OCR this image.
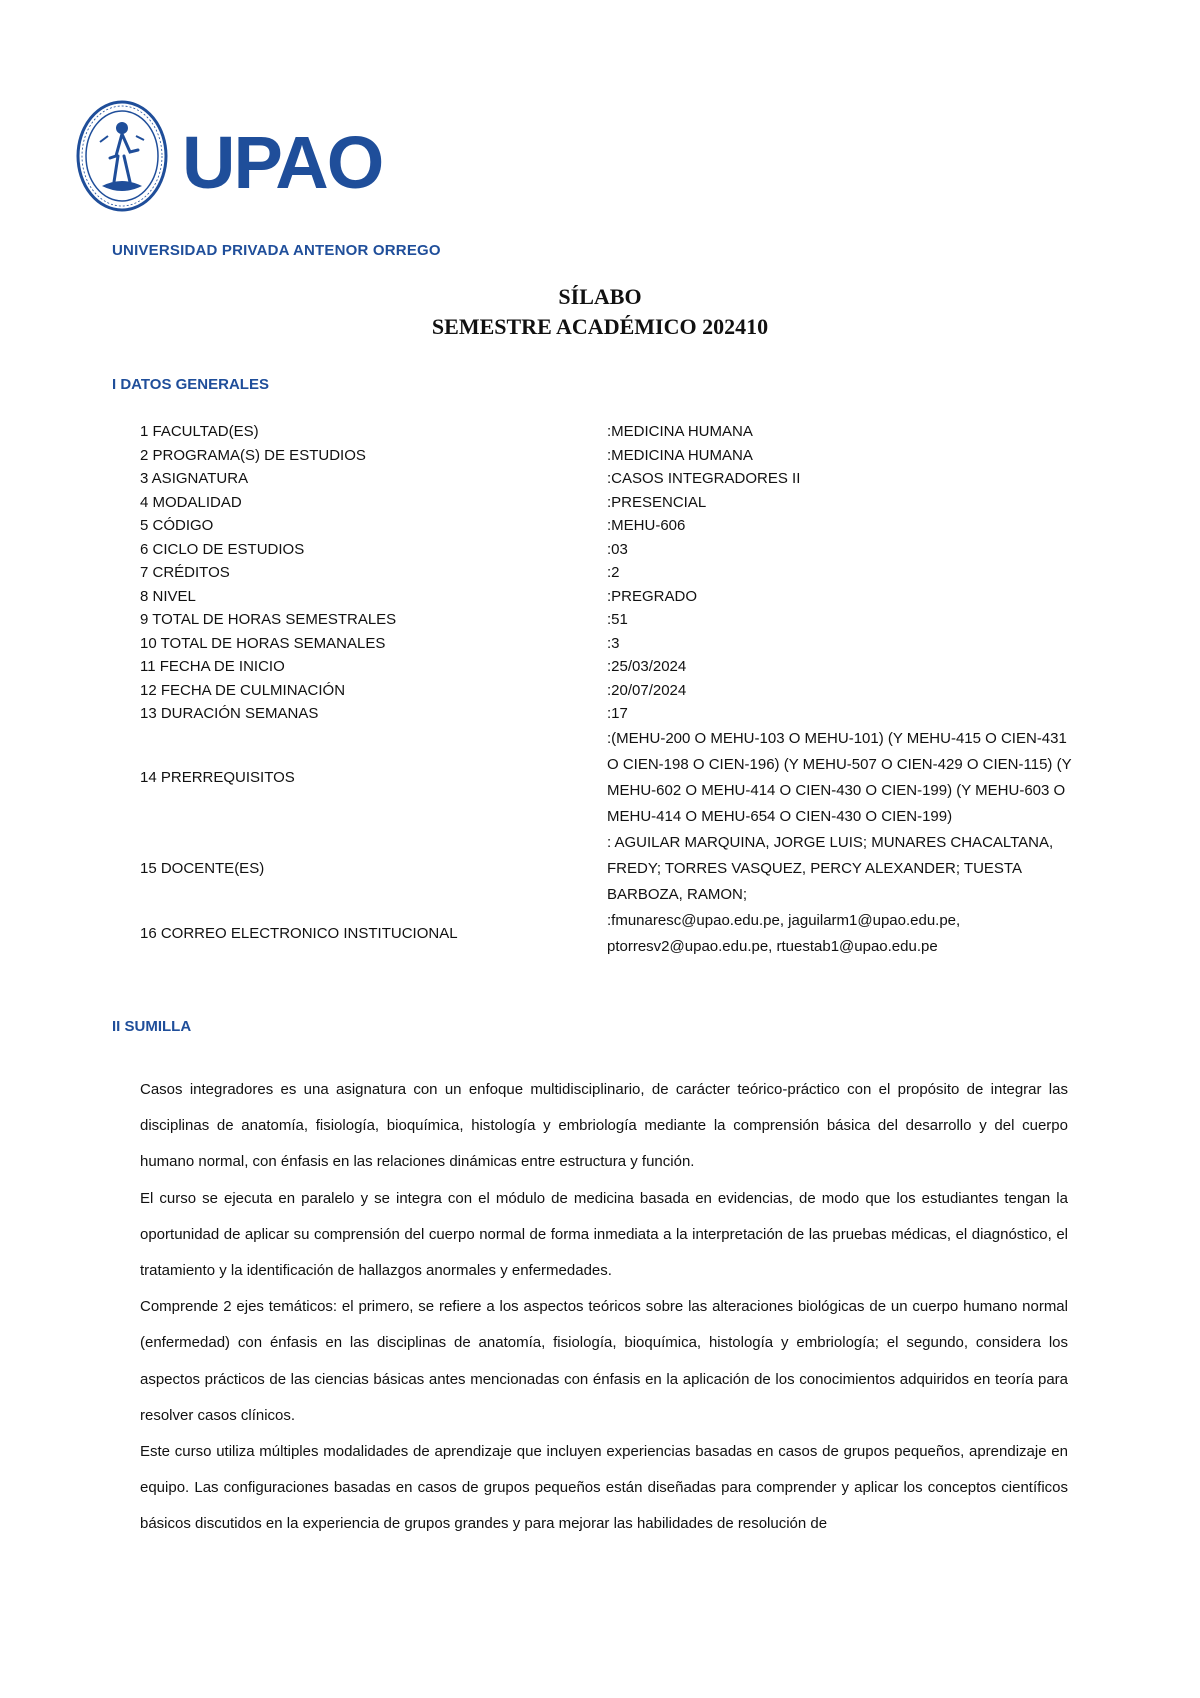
UPAO
UNIVERSIDAD PRIVADA ANTENOR ORREGO
SÍLABO
SEMESTRE ACADÉMICO 202410
I DATOS GENERALES
1 FACULTAD(ES)	:MEDICINA HUMANA
2 PROGRAMA(S) DE ESTUDIOS	:MEDICINA HUMANA
3 ASIGNATURA	:CASOS INTEGRADORES II
4 MODALIDAD	:PRESENCIAL
5 CÓDIGO	:MEHU-606
6 CICLO DE ESTUDIOS	:03
7 CRÉDITOS	:2
8 NIVEL	:PREGRADO
9 TOTAL DE HORAS SEMESTRALES	:51
10 TOTAL DE HORAS SEMANALES	:3
11 FECHA DE INICIO	:25/03/2024
12 FECHA DE CULMINACIÓN	:20/07/2024
13 DURACIÓN SEMANAS	:17
14 PRERREQUISITOS
:(MEHU-200 O MEHU-103 O MEHU-101) (Y MEHU-415 O CIEN-431 O CIEN-198 O CIEN-196) (Y MEHU-507 O CIEN-429 O CIEN-115) (Y MEHU-602 O MEHU-414 O CIEN-430 O CIEN-199) (Y MEHU-603 O MEHU-414 O MEHU-654 O CIEN-430 O CIEN-199)
15 DOCENTE(ES)
: AGUILAR MARQUINA, JORGE LUIS; MUNARES CHACALTANA, FREDY; TORRES VASQUEZ, PERCY ALEXANDER; TUESTA BARBOZA, RAMON;
16 CORREO ELECTRONICO INSTITUCIONAL
:fmunaresc@upao.edu.pe, jaguilarm1@upao.edu.pe, ptorresv2@upao.edu.pe, rtuestab1@upao.edu.pe
II SUMILLA

Casos integradores es una asignatura con un enfoque multidisciplinario, de carácter teórico-práctico con el propósito de integrar las disciplinas de anatomía, fisiología, bioquímica, histología y embriología mediante la comprensión básica del desarrollo y del cuerpo humano normal, con énfasis en las relaciones dinámicas entre estructura y función.

El curso se ejecuta en paralelo y se integra con el módulo de medicina basada en evidencias, de modo que los estudiantes tengan la oportunidad de aplicar su comprensión del cuerpo normal de forma inmediata a la interpretación de las pruebas médicas, el diagnóstico, el tratamiento y la identificación de hallazgos anormales y enfermedades.

Comprende 2 ejes temáticos: el primero, se refiere a los aspectos teóricos sobre las alteraciones biológicas de un cuerpo humano normal (enfermedad) con énfasis en las disciplinas de anatomía, fisiología, bioquímica, histología y embriología; el segundo, considera los aspectos prácticos de las ciencias básicas antes mencionadas con énfasis en la aplicación de los conocimientos adquiridos en teoría para resolver casos clínicos.

Este curso utiliza múltiples modalidades de aprendizaje que incluyen experiencias basadas en casos de grupos pequeños, aprendizaje en equipo. Las configuraciones basadas en casos de grupos pequeños están diseñadas para comprender y aplicar los conceptos científicos básicos discutidos en la experiencia de grupos grandes y para mejorar las habilidades de resolución de
